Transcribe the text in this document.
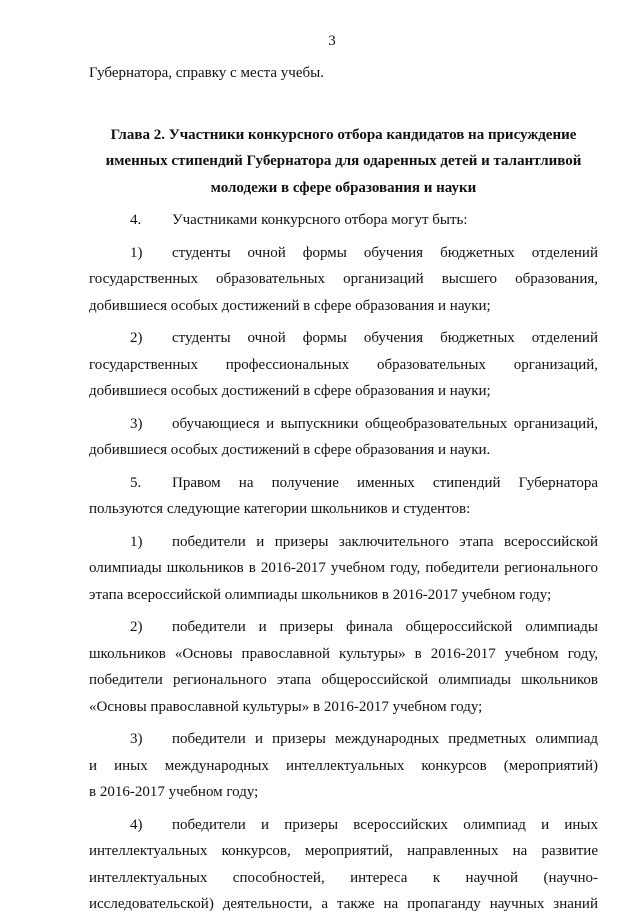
3
Губернатора, справку с места учебы.
Глава 2. Участники конкурсного отбора кандидатов на присуждение
именных стипендий Губернатора для одаренных детей и талантливой
молодежи в сфере образования и науки
4.	Участниками конкурсного отбора могут быть:
1)	студенты очной формы обучения бюджетных отделений
государственных образовательных организаций высшего образования,
добившиеся особых достижений в сфере образования и науки;
2)	студенты очной формы обучения бюджетных отделений
государственных профессиональных образовательных организаций,
добившиеся особых достижений в сфере образования и науки;
3)	обучающиеся и выпускники общеобразовательных организаций,
добившиеся особых достижений в сфере образования и науки.
5.	Правом на получение именных стипендий Губернатора
пользуются следующие категории школьников и студентов:
1)	победители и призеры заключительного этапа всероссийской
олимпиады школьников в 2016-2017 учебном году, победители регионального
этапа всероссийской олимпиады школьников в 2016-2017 учебном году;
2)	победители и призеры финала общероссийской олимпиады
школьников «Основы православной культуры» в 2016-2017 учебном году,
победители регионального этапа общероссийской олимпиады школьников
«Основы православной культуры» в 2016-2017 учебном году;
3)	победители и призеры международных предметных олимпиад
и иных международных интеллектуальных конкурсов (мероприятий)
в 2016-2017 учебном году;
4)	победители и призеры всероссийских олимпиад и иных
интеллектуальных конкурсов, мероприятий, направленных на развитие
интеллектуальных способностей, интереса к научной (научно-
исследовательской) деятельности, а также на пропаганду научных знаний
